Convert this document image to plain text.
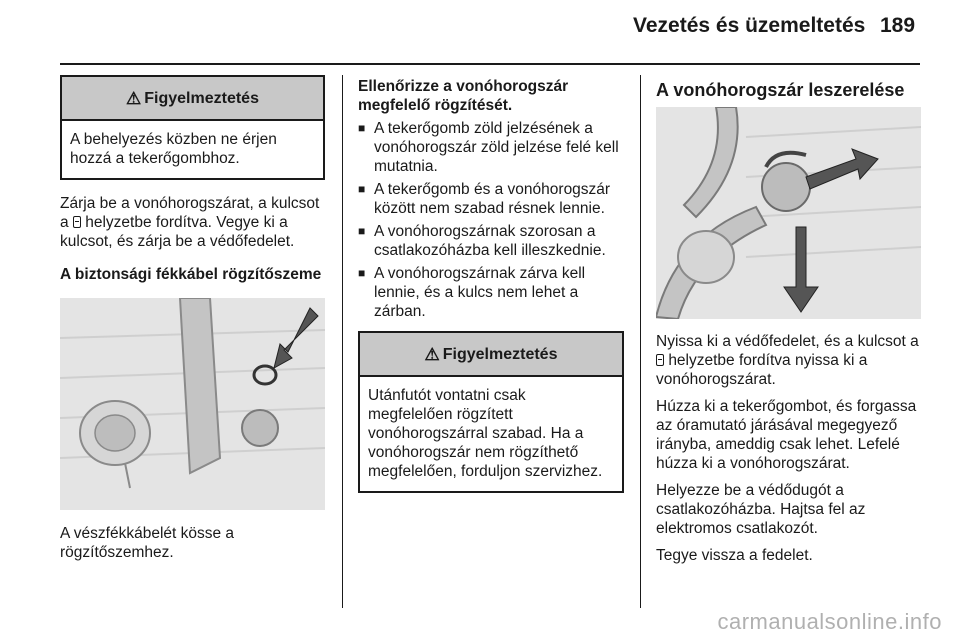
Vezetés és üzemeltetés 189
⚠ Figyelmeztetés
A behelyezés közben ne érjen hozzá a tekerőgombhoz.

Zárja be a vonóhorogszárat, a kulcsot a helyzetbe fordítva. Vegye ki a kulcsot, és zárja be a védőfedelet.

A biztonsági fékkábel rögzítőszeme

A vészfékkábelét kösse a rögzítőszemhez.

Ellenőrizze a vonóhorogszár megfelelő rögzítését.

■ A tekerőgomb zöld jelzésének a vonóhorogszár zöld jelzése felé kell mutatnia.
■ A tekerőgomb és a vonóhorogszár között nem szabad résnek lennie.
■ A vonóhorogszárnak szorosan a csatlakozóházba kell illeszkednie.
■ A vonóhorogszárnak zárva kell lennie, és a kulcs nem lehet a zárban.
⚠ Figyelmeztetés
Utánfutót vontatni csak megfelelően rögzített vonóhorogszárral szabad. Ha a vonóhorogszár nem rögzíthető megfelelően, forduljon szervizhez.

A vonóhorogszár leszerelése

Nyissa ki a védőfedelet, és a kulcsot a  helyzetbe fordítva nyissa ki a vonóhorogszárat.

Húzza ki a tekerőgombot, és forgassa az óramutató járásával megegyező irányba, ameddig csak lehet. Lefelé húzza ki a vonóhorogszárat.

Helyezze be a védődugót a csatlakozóházba. Hajtsa fel az elektromos csatlakozót.

Tegye vissza a fedelet.

carmanualsonline.info
